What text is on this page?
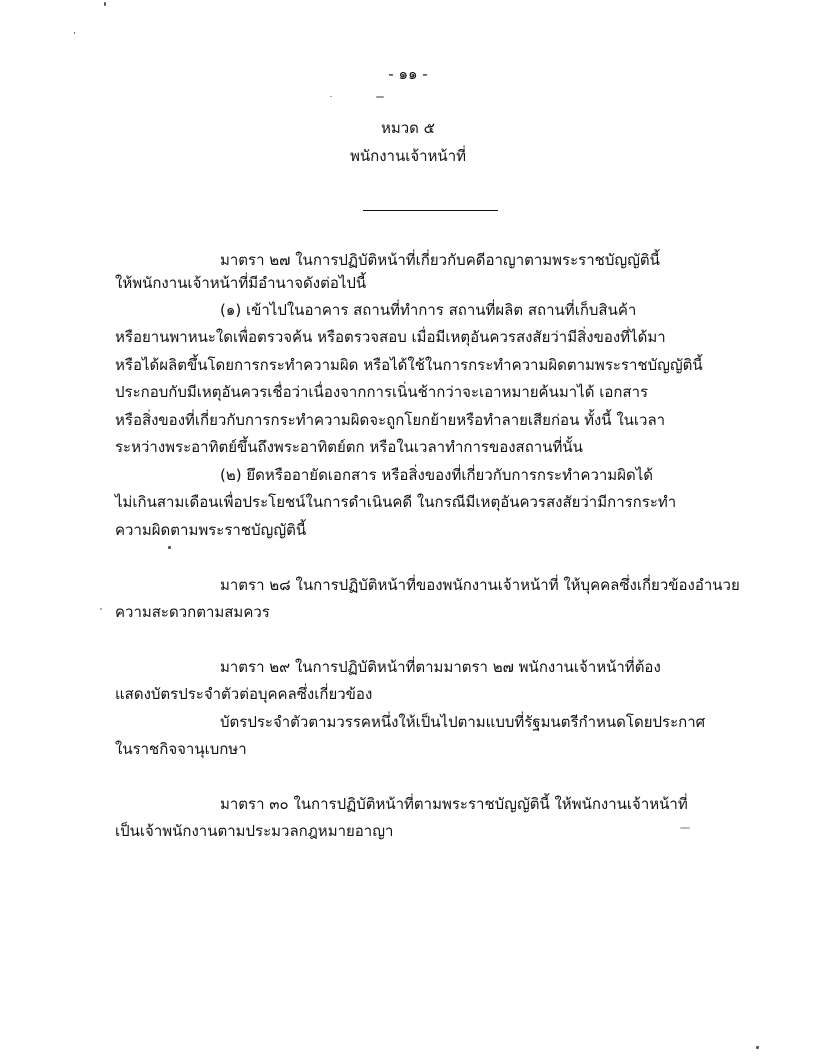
- ๑๑ -
หมวด ๕
พนักงานเจ้าหน้าที่
มาตรา ๒๗ ในการปฏิบัติหน้าที่เกี่ยวกับคดีอาญาตามพระราชบัญญัตินี้
ให้พนักงานเจ้าหน้าที่มีอำนาจดังต่อไปนี้
(๑) เข้าไปในอาคาร สถานที่ทำการ สถานที่ผลิต สถานที่เก็บสินค้า
หรือยานพาหนะใดเพื่อตรวจค้น หรือตรวจสอบ เมื่อมีเหตุอันควรสงสัยว่ามีสิ่งของที่ได้มา
หรือได้ผลิตขึ้นโดยการกระทำความผิด หรือได้ใช้ในการกระทำความผิดตามพระราชบัญญัตินี้
ประกอบกับมีเหตุอันควรเชื่อว่าเนื่องจากการเนิ่นช้ากว่าจะเอาหมายค้นมาได้ เอกสาร
หรือสิ่งของที่เกี่ยวกับการกระทำความผิดจะถูกโยกย้ายหรือทำลายเสียก่อน ทั้งนี้ ในเวลา
ระหว่างพระอาทิตย์ขึ้นถึงพระอาทิตย์ตก หรือในเวลาทำการของสถานที่นั้น
(๒) ยึดหรืออายัดเอกสาร หรือสิ่งของที่เกี่ยวกับการกระทำความผิดได้
ไม่เกินสามเดือนเพื่อประโยชน์ในการดำเนินคดี ในกรณีมีเหตุอันควรสงสัยว่ามีการกระทำ
ความผิดตามพระราชบัญญัตินี้
มาตรา ๒๘ ในการปฏิบัติหน้าที่ของพนักงานเจ้าหน้าที่ ให้บุคคลซึ่งเกี่ยวข้องอำนวย
ความสะดวกตามสมควร
มาตรา ๒๙ ในการปฏิบัติหน้าที่ตามมาตรา ๒๗ พนักงานเจ้าหน้าที่ต้อง
แสดงบัตรประจำตัวต่อบุคคลซึ่งเกี่ยวข้อง
บัตรประจำตัวตามวรรคหนึ่งให้เป็นไปตามแบบที่รัฐมนตรีกำหนดโดยประกาศ
ในราชกิจจานุเบกษา
มาตรา ๓๐ ในการปฏิบัติหน้าที่ตามพระราชบัญญัตินี้ ให้พนักงานเจ้าหน้าที่
เป็นเจ้าพนักงานตามประมวลกฎหมายอาญา
